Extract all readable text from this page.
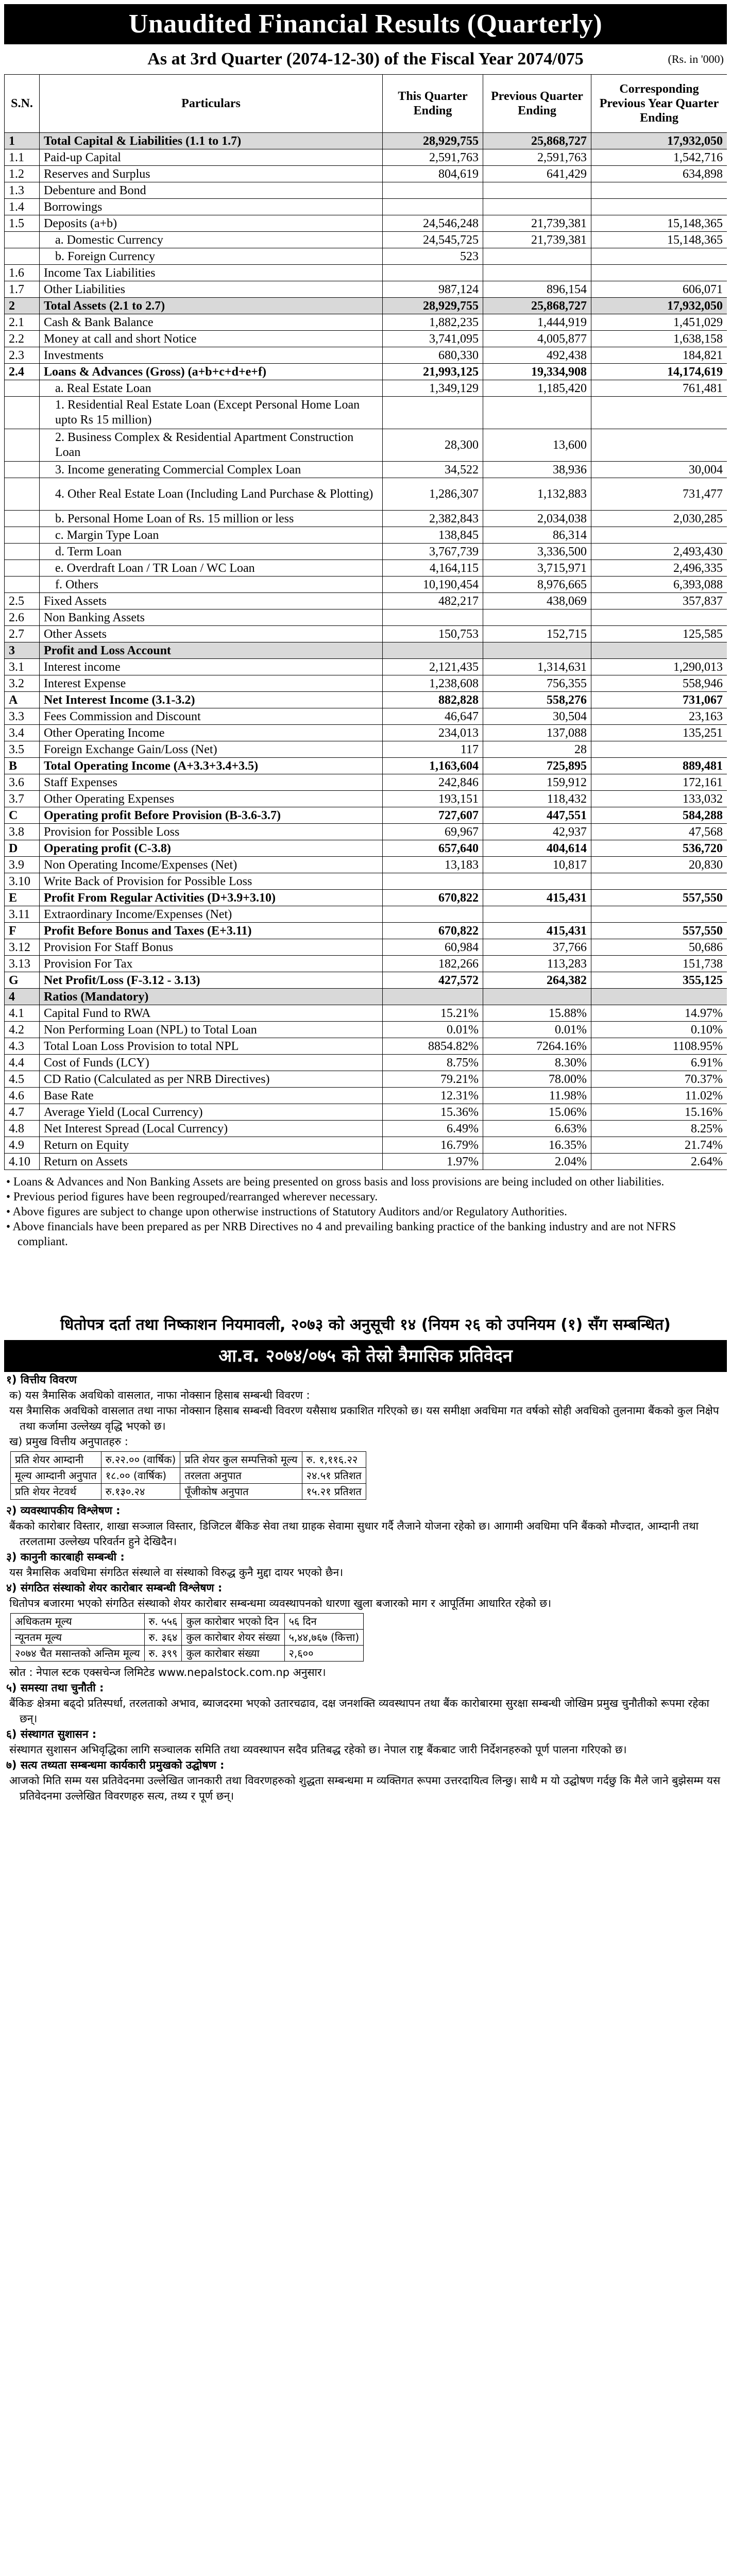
Unaudited Financial Results (Quarterly)
As at 3rd Quarter (2074-12-30) of the Fiscal Year 2074/075	(Rs. in '000)
S.N.	Particulars	This Quarter Ending	Previous Quarter Ending	Corresponding Previous Year Quarter Ending
1	Total Capital & Liabilities (1.1 to 1.7)	28,929,755	25,868,727	17,932,050
1.1	Paid-up Capital	2,591,763	2,591,763	1,542,716
1.2	Reserves and Surplus	804,619	641,429	634,898
1.3	Debenture and Bond			
1.4	Borrowings			
1.5	Deposits (a+b)	24,546,248	21,739,381	15,148,365
	a. Domestic Currency	24,545,725	21,739,381	15,148,365
	b. Foreign Currency	523		
1.6	Income Tax Liabilities			
1.7	Other Liabilities	987,124	896,154	606,071
2	Total Assets (2.1 to 2.7)	28,929,755	25,868,727	17,932,050
2.1	Cash & Bank Balance	1,882,235	1,444,919	1,451,029
2.2	Money at call and short Notice	3,741,095	4,005,877	1,638,158
2.3	Investments	680,330	492,438	184,821
2.4	Loans & Advances (Gross) (a+b+c+d+e+f)	21,993,125	19,334,908	14,174,619
	a. Real Estate Loan	1,349,129	1,185,420	761,481
	1. Residential Real Estate Loan (Except Personal Home Loan upto Rs 15 million)			
	2. Business Complex & Residential Apartment Construction Loan	28,300	13,600	
	3. Income generating Commercial Complex Loan	34,522	38,936	30,004
	4. Other Real Estate Loan (Including Land Purchase & Plotting)	1,286,307	1,132,883	731,477
	b. Personal Home Loan of Rs. 15 million or less	2,382,843	2,034,038	2,030,285
	c. Margin Type Loan	138,845	86,314	
	d. Term Loan	3,767,739	3,336,500	2,493,430
	e. Overdraft Loan / TR Loan / WC Loan	4,164,115	3,715,971	2,496,335
	f. Others	10,190,454	8,976,665	6,393,088
2.5	Fixed Assets	482,217	438,069	357,837
2.6	Non Banking Assets			
2.7	Other Assets	150,753	152,715	125,585
3	Profit and Loss Account			
3.1	Interest income	2,121,435	1,314,631	1,290,013
3.2	Interest Expense	1,238,608	756,355	558,946
A	Net Interest Income (3.1-3.2)	882,828	558,276	731,067
3.3	Fees Commission and Discount	46,647	30,504	23,163
3.4	Other Operating Income	234,013	137,088	135,251
3.5	Foreign Exchange Gain/Loss (Net)	117	28	
B	Total Operating Income (A+3.3+3.4+3.5)	1,163,604	725,895	889,481
3.6	Staff Expenses	242,846	159,912	172,161
3.7	Other Operating Expenses	193,151	118,432	133,032
C	Operating profit Before Provision (B-3.6-3.7)	727,607	447,551	584,288
3.8	Provision for Possible Loss	69,967	42,937	47,568
D	Operating profit (C-3.8)	657,640	404,614	536,720
3.9	Non Operating Income/Expenses (Net)	13,183	10,817	20,830
3.10	Write Back of Provision for Possible Loss			
E	Profit From Regular Activities (D+3.9+3.10)	670,822	415,431	557,550
3.11	Extraordinary Income/Expenses (Net)			
F	Profit Before Bonus and Taxes (E+3.11)	670,822	415,431	557,550
3.12	Provision For Staff Bonus	60,984	37,766	50,686
3.13	Provision For Tax	182,266	113,283	151,738
G	Net Profit/Loss (F-3.12 - 3.13)	427,572	264,382	355,125
4	Ratios (Mandatory)			
4.1	Capital Fund to RWA	15.21%	15.88%	14.97%
4.2	Non Performing Loan (NPL) to Total Loan	0.01%	0.01%	0.10%
4.3	Total Loan Loss Provision to total NPL	8854.82%	7264.16%	1108.95%
4.4	Cost of Funds (LCY)	8.75%	8.30%	6.91%
4.5	CD Ratio (Calculated as per NRB Directives)	79.21%	78.00%	70.37%
4.6	Base Rate	12.31%	11.98%	11.02%
4.7	Average Yield (Local Currency)	15.36%	15.06%	15.16%
4.8	Net Interest Spread (Local Currency)	6.49%	6.63%	8.25%
4.9	Return on Equity	16.79%	16.35%	21.74%
4.10	Return on Assets	1.97%	2.04%	2.64%
• Loans & Advances and Non Banking Assets are being presented on gross basis and loss provisions are being included on other liabilities.
• Previous period figures have been regrouped/rearranged wherever necessary.
• Above figures are subject to change upon otherwise instructions of Statutory Auditors and/or Regulatory Authorities.
• Above financials have been prepared as per NRB Directives no 4 and prevailing banking practice of the banking industry and are not NFRS compliant.
धितोपत्र दर्ता तथा निष्काशन नियमावली, २०७३ को अनुसूची १४ (नियम २६ को उपनियम (१) सँग सम्बन्धित)
आ.व. २०७४/०७५ को तेस्रो त्रैमासिक प्रतिवेदन
१) वित्तीय विवरण
क) यस त्रैमासिक अवधिको वासलात, नाफा नोक्सान हिसाब सम्बन्धी विवरण :
यस त्रैमासिक अवधिको वासलात तथा नाफा नोक्सान हिसाब सम्बन्धी विवरण यसैसाथ प्रकाशित गरिएको छ। यस समीक्षा अवधिमा गत वर्षको सोही अवधिको तुलनामा बैंकको कुल निक्षेप तथा कर्जामा उल्लेख्य वृद्धि भएको छ।
ख) प्रमुख वित्तीय अनुपातहरु :
प्रति शेयर आम्दानी	रु.२२.०० (वार्षिक)	प्रति शेयर कुल सम्पत्तिको मूल्य	रु. १,११६.२२
मूल्य आम्दानी अनुपात	१८.०० (वार्षिक)	तरलता अनुपात	२४.५१ प्रतिशत
प्रति शेयर नेटवर्थ	रु.१३०.२४	पूँजीकोष अनुपात	१५.२१ प्रतिशत
२) व्यवस्थापकीय विश्लेषण :
बैंकको कारोबार विस्तार, शाखा सञ्जाल विस्तार, डिजिटल बैंकिङ सेवा तथा ग्राहक सेवामा सुधार गर्दै लैजाने योजना रहेको छ। आगामी अवधिमा पनि बैंकको मौज्दात, आम्दानी तथा तरलतामा उल्लेख्य परिवर्तन हुने देखिदैन।
३) कानुनी कारबाही सम्बन्धी :
यस त्रैमासिक अवधिमा संगठित संस्थाले वा संस्थाको विरुद्ध कुनै मुद्दा दायर भएको छैन।
४) संगठित संस्थाको शेयर कारोबार सम्बन्धी विश्लेषण :
धितोपत्र बजारमा भएको संगठित संस्थाको शेयर कारोबार सम्बन्धमा व्यवस्थापनको धारणा खुला बजारको माग र आपूर्तिमा आधारित रहेको छ।
अधिकतम मूल्य	रु. ५५६	कुल कारोबार भएको दिन	५६ दिन
न्यूनतम मूल्य	रु. ३६४	कुल कारोबार शेयर संख्या	५,४४,७६७ (कित्ता)
२०७४ चैत मसान्तको अन्तिम मूल्य	रु. ३९९	कुल कारोबार संख्या	२,६००
स्रोत : नेपाल स्टक एक्सचेन्ज लिमिटेड www.nepalstock.com.np अनुसार।
५) समस्या तथा चुनौती :
बैंकिङ क्षेत्रमा बढ्दो प्रतिस्पर्धा, तरलताको अभाव, ब्याजदरमा भएको उतारचढाव, दक्ष जनशक्ति व्यवस्थापन तथा बैंक कारोबारमा सुरक्षा सम्बन्धी जोखिम प्रमुख चुनौतीको रूपमा रहेका छन्।
६) संस्थागत सुशासन :
संस्थागत सुशासन अभिवृद्धिका लागि सञ्चालक समिति तथा व्यवस्थापन सदैव प्रतिबद्ध रहेको छ। नेपाल राष्ट्र बैंकबाट जारी निर्देशनहरुको पूर्ण पालना गरिएको छ।
७) सत्य तथ्यता सम्बन्धमा कार्यकारी प्रमुखको उद्घोषण :
आजको मिति सम्म यस प्रतिवेदनमा उल्लेखित जानकारी तथा विवरणहरुको शुद्धता सम्बन्धमा म व्यक्तिगत रूपमा उत्तरदायित्व लिन्छु। साथै म यो उद्घोषण गर्दछु कि मैले जाने बुझेसम्म यस प्रतिवेदनमा उल्लेखित विवरणहरु सत्य, तथ्य र पूर्ण छन्।
